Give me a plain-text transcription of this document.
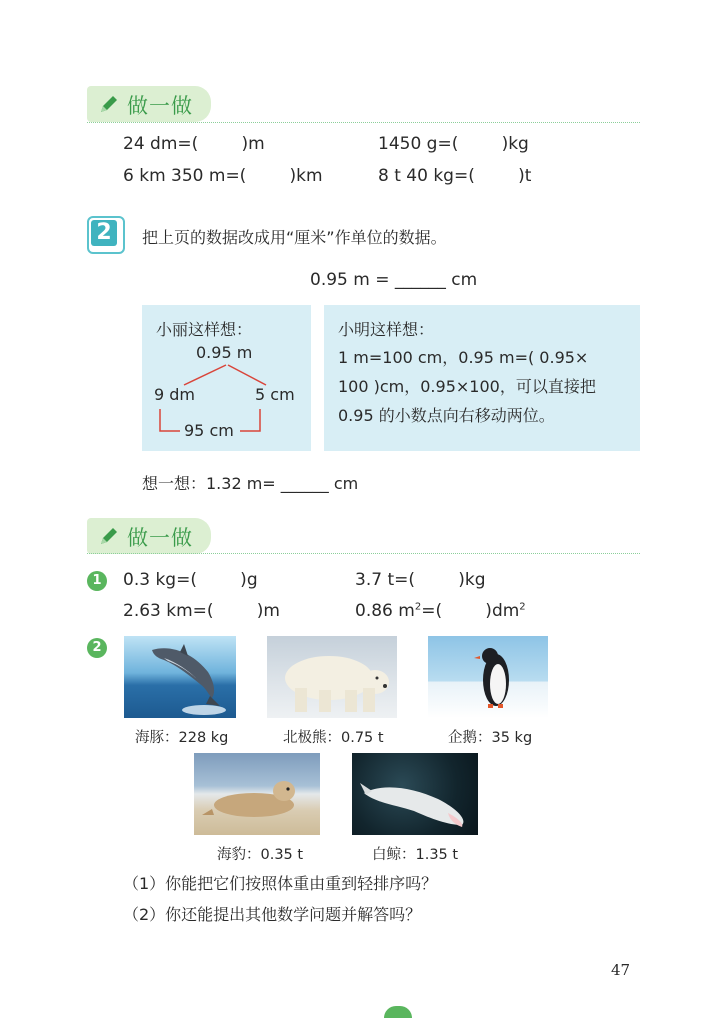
做一做
24 dm=(        )m	1450 g=(        )kg
6 km 350 m=(        )km	8 t 40 kg=(        )t
2	把上页的数据改成用“厘米”作单位的数据。
0.95 m = ______ cm
小丽这样想：
0.95 m
9 dm	5 cm
95 cm
小明这样想：
1 m=100 cm，0.95 m=( 0.95×
100 )cm，0.95×100，可以直接把
0.95 的小数点向右移动两位。
想一想：1.32 m= ______ cm
做一做
1	0.3 kg=(        )g	3.7 t=(        )kg
2.63 km=(        )m	0.86 $m^2=$(        )$dm^2$
2
海豚：228 kg	北极熊：0.75 t	企鹅：35 kg
海豹：0.35 t	白鲸：1.35 t
（1）你能把它们按照体重由重到轻排序吗？
（2）你还能提出其他数学问题并解答吗？
47
